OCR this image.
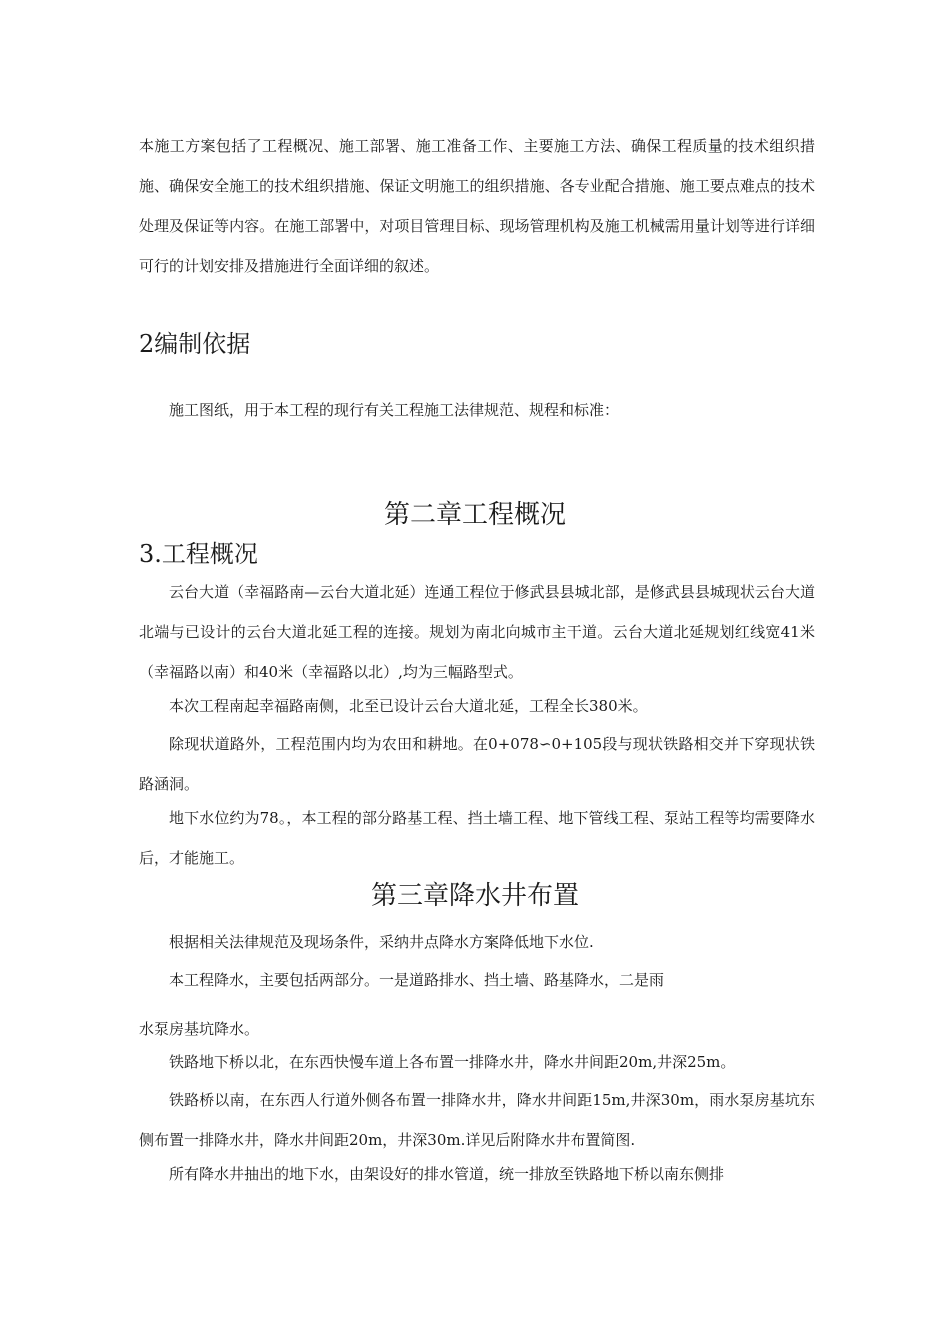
本施工方案包括了工程概况、施工部署、施工准备工作、主要施工方法、确保工程质量的技术组织措施、确保安全施工的技术组织措施、保证文明施工的组织措施、各专业配合措施、施工要点难点的技术处理及保证等内容。在施工部署中，对项目管理目标、现场管理机构及施工机械需用量计划等进行详细可行的计划安排及措施进行全面详细的叙述。

2编制依据

施工图纸，用于本工程的现行有关工程施工法律规范、规程和标准：

第二章工程概况
3.工程概况

云台大道（幸福路南—云台大道北延）连通工程位于修武县县城北部，是修武县县城现状云台大道北端与已设计的云台大道北延工程的连接。规划为南北向城市主干道。云台大道北延规划红线宽41米（幸福路以南）和40米（幸福路以北）,均为三幅路型式。

本次工程南起幸福路南侧，北至已设计云台大道北延，工程全长380米。

除现状道路外，工程范围内均为农田和耕地。在0+078∽0+105段与现状铁路相交并下穿现状铁路涵洞。

地下水位约为78。，本工程的部分路基工程、挡土墙工程、地下管线工程、泵站工程等均需要降水后，才能施工。

第三章降水井布置

根据相关法律规范及现场条件，采纳井点降水方案降低地下水位.

本工程降水，主要包括两部分。一是道路排水、挡土墙、路基降水，二是雨

水泵房基坑降水。

铁路地下桥以北，在东西快慢车道上各布置一排降水井，降水井间距20m,井深25m。

铁路桥以南，在东西人行道外侧各布置一排降水井，降水井间距15m,井深30m，雨水泵房基坑东侧布置一排降水井，降水井间距20m，井深30m.详见后附降水井布置简图.

所有降水井抽出的地下水，由架设好的排水管道，统一排放至铁路地下桥以南东侧排
